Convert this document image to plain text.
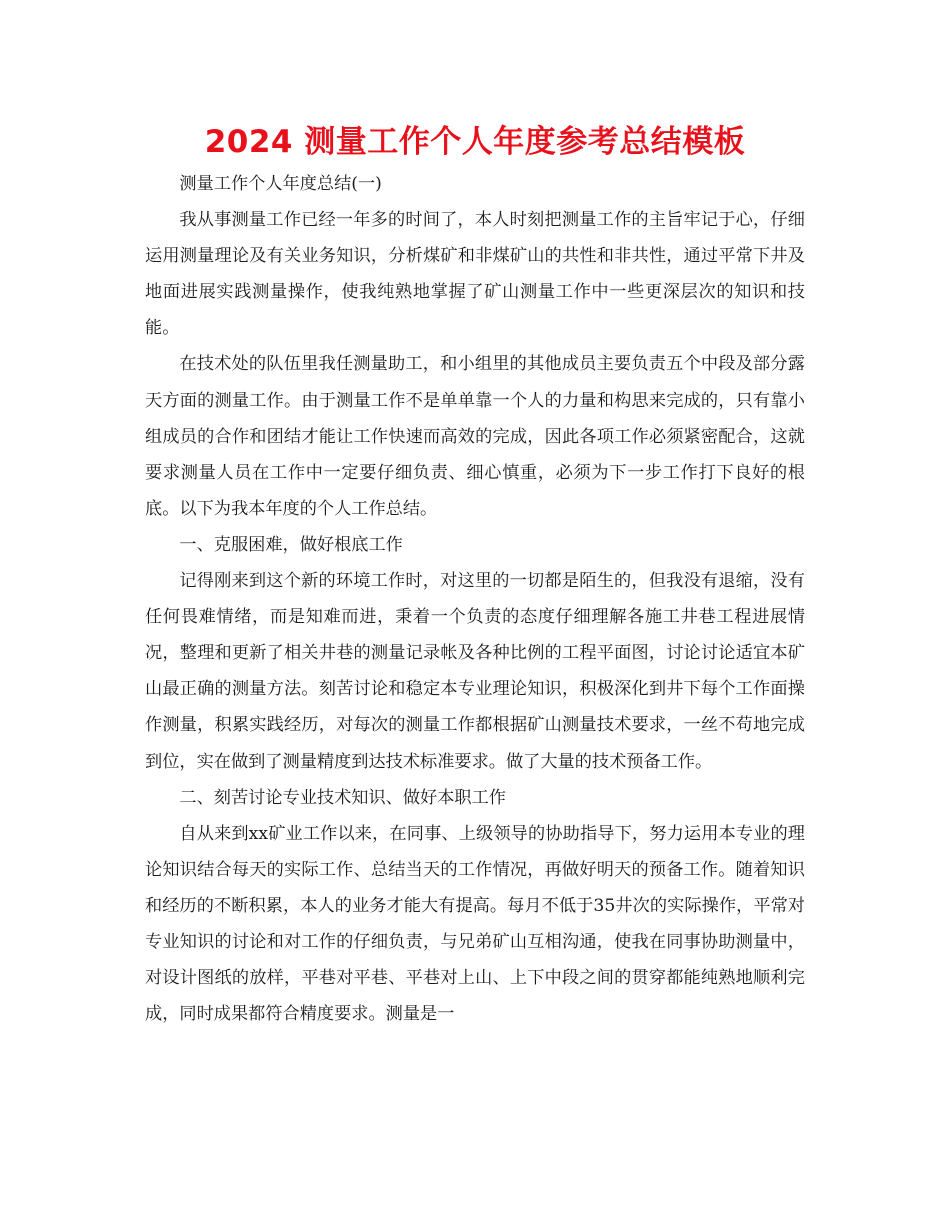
2024 测量工作个人年度参考总结模板

测量工作个人年度总结(一)

我从事测量工作已经一年多的时间了，本人时刻把测量工作的主旨牢记于心，仔细运用测量理论及有关业务知识，分析煤矿和非煤矿山的共性和非共性，通过平常下井及地面进展实践测量操作，使我纯熟地掌握了矿山测量工作中一些更深层次的知识和技能。

在技术处的队伍里我任测量助工，和小组里的其他成员主要负责五个中段及部分露天方面的测量工作。由于测量工作不是单单靠一个人的力量和构思来完成的，只有靠小组成员的合作和团结才能让工作快速而高效的完成，因此各项工作必须紧密配合，这就要求测量人员在工作中一定要仔细负责、细心慎重，必须为下一步工作打下良好的根底。以下为我本年度的个人工作总结。

一、克服困难，做好根底工作

记得刚来到这个新的环境工作时，对这里的一切都是陌生的，但我没有退缩，没有任何畏难情绪，而是知难而进，秉着一个负责的态度仔细理解各施工井巷工程进展情况，整理和更新了相关井巷的测量记录帐及各种比例的工程平面图，讨论讨论适宜本矿山最正确的测量方法。刻苦讨论和稳定本专业理论知识，积极深化到井下每个工作面操作测量，积累实践经历，对每次的测量工作都根据矿山测量技术要求，一丝不苟地完成到位，实在做到了测量精度到达技术标准要求。做了大量的技术预备工作。

二、刻苦讨论专业技术知识、做好本职工作

自从来到xx矿业工作以来，在同事、上级领导的协助指导下，努力运用本专业的理论知识结合每天的实际工作、总结当天的工作情况，再做好明天的预备工作。随着知识和经历的不断积累，本人的业务才能大有提高。每月不低于35井次的实际操作，平常对专业知识的讨论和对工作的仔细负责，与兄弟矿山互相沟通，使我在同事协助测量中，对设计图纸的放样，平巷对平巷、平巷对上山、上下中段之间的贯穿都能纯熟地顺利完成，同时成果都符合精度要求。测量是一
